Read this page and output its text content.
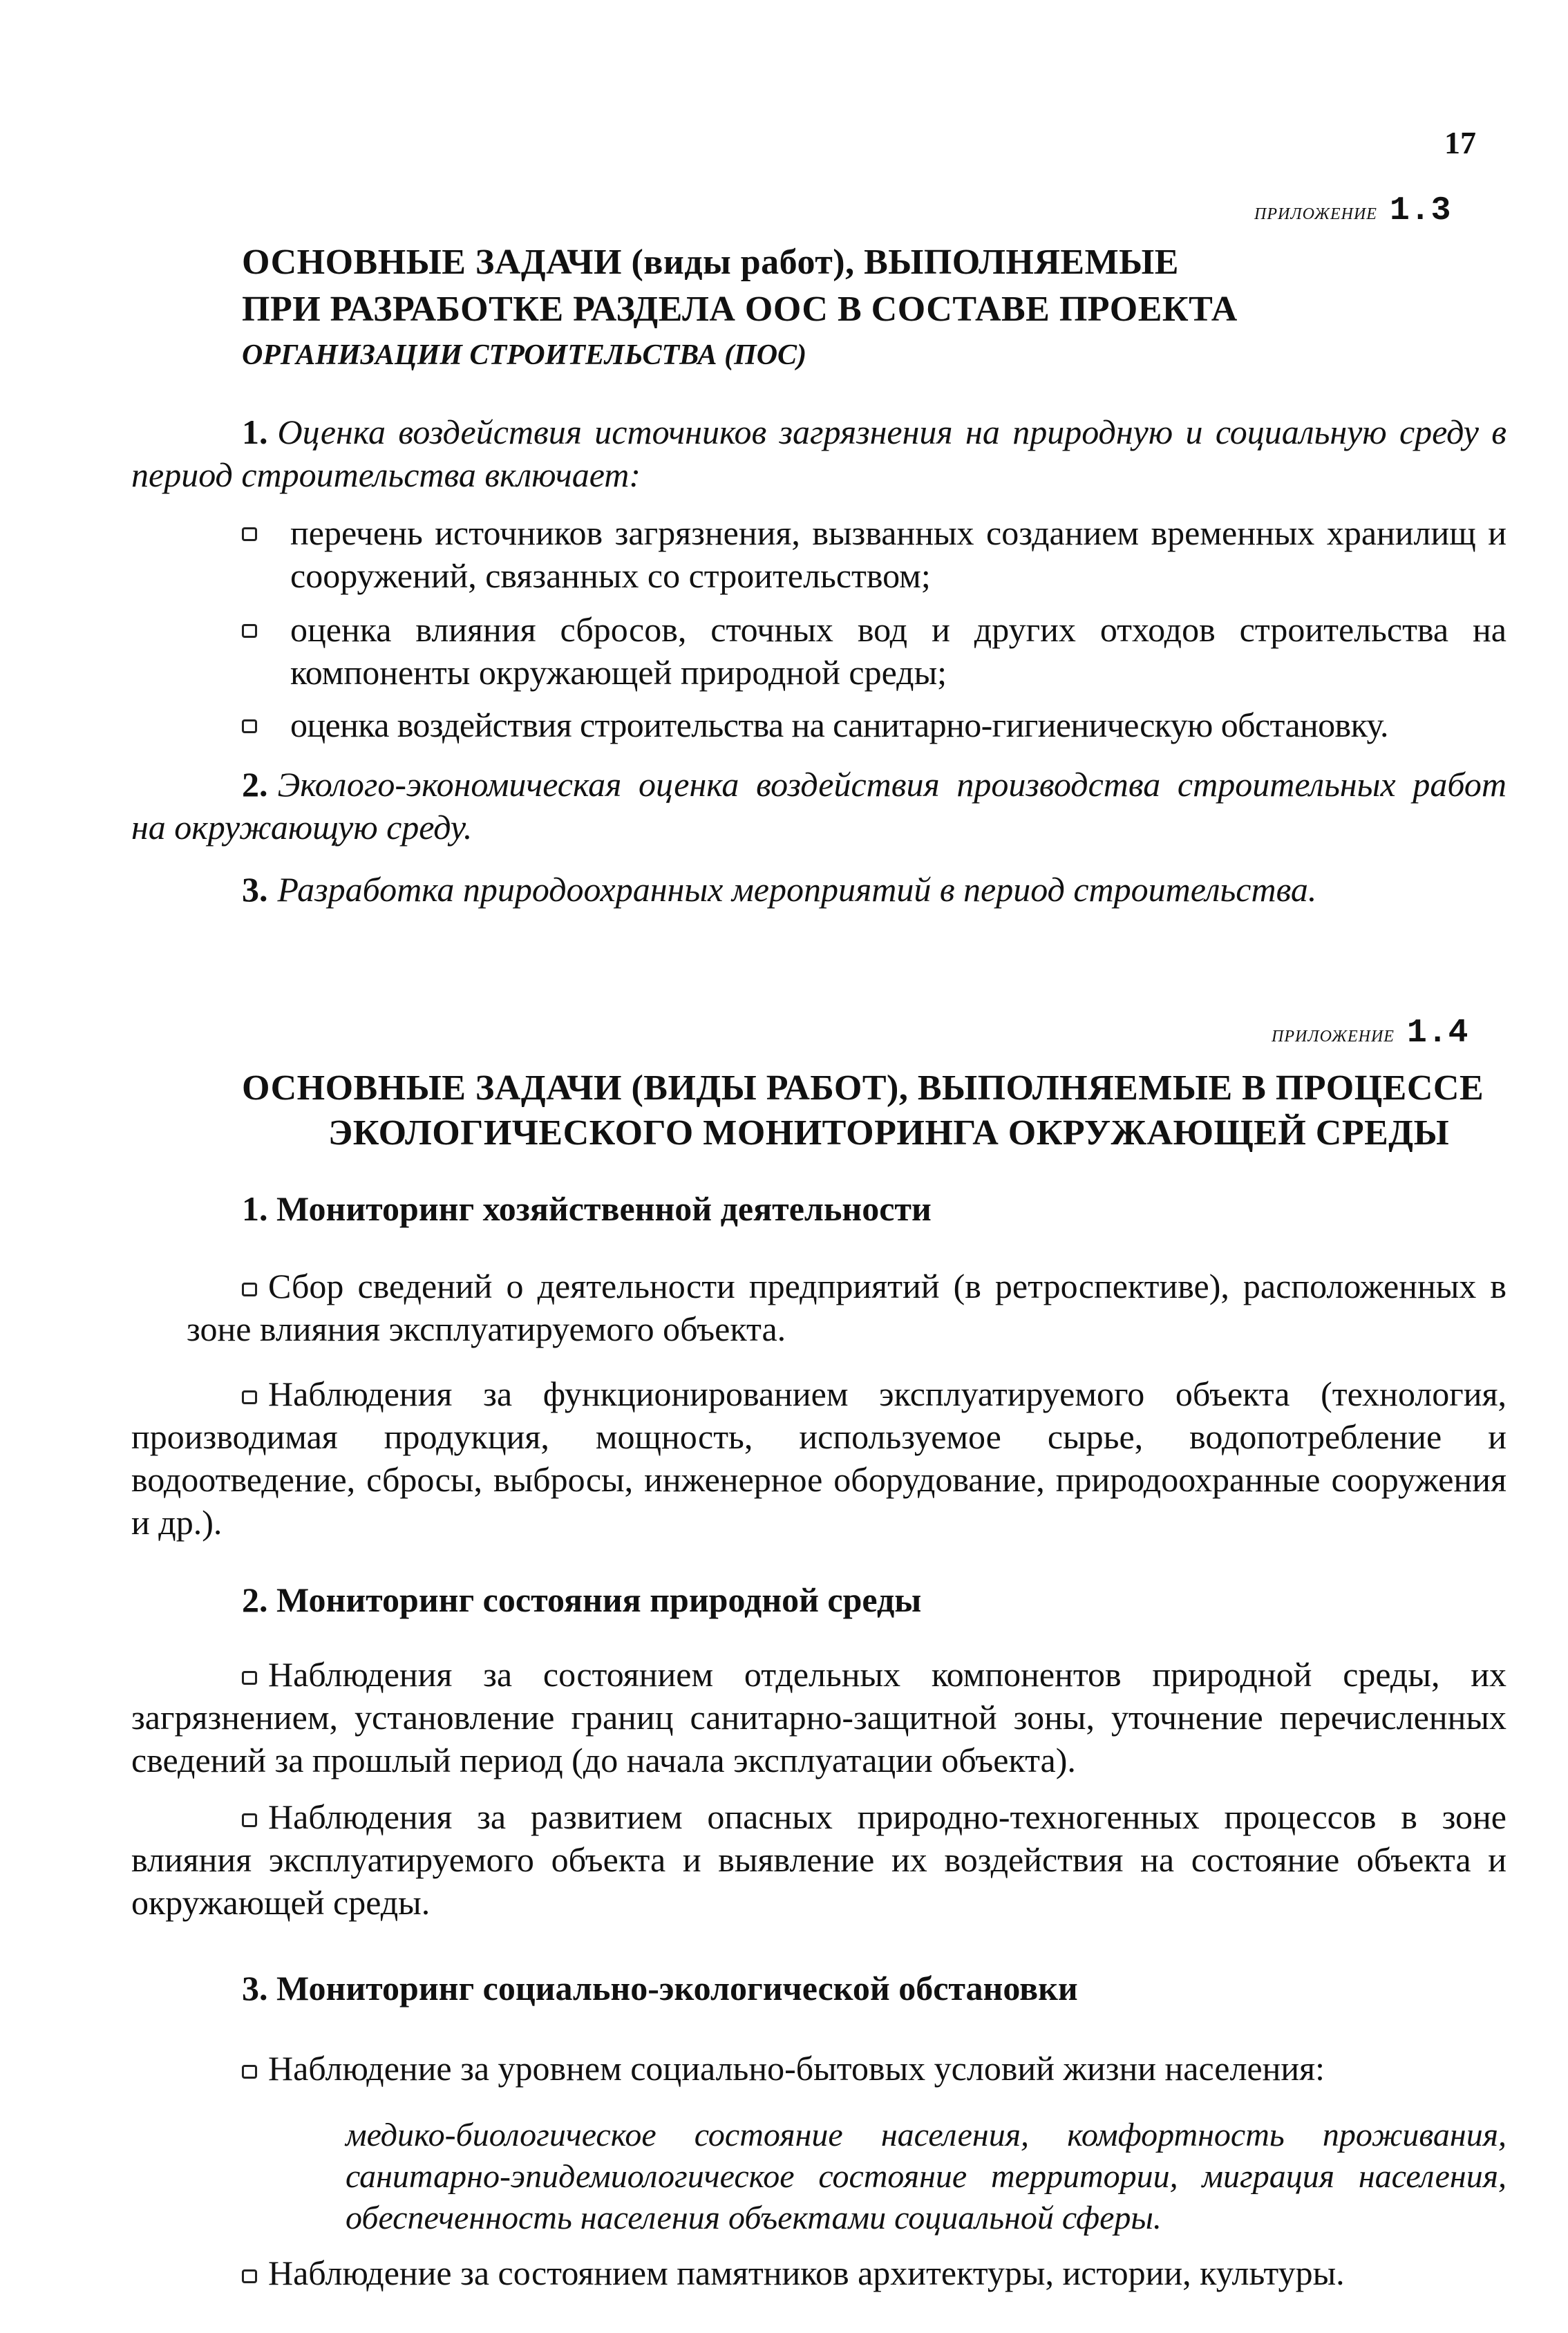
17
приложение 1.3
ОСНОВНЫЕ ЗАДАЧИ (виды работ), ВЫПОЛНЯЕМЫЕ
ПРИ РАЗРАБОТКЕ РАЗДЕЛА ООС В СОСТАВЕ ПРОЕКТА
ОРГАНИЗАЦИИ СТРОИТЕЛЬСТВА (ПОС)
1. Оценка воздействия источников загрязнения на природную и социальную среду в период строительства включает:
перечень источников загрязнения, вызванных созданием временных хранилищ и сооружений, связанных со строительством;
оценка влияния сбросов, сточных вод и других отходов строительства на компоненты окружающей природной среды;
оценка воздействия строительства на санитарно-гигиеническую обстановку.
2. Эколого-экономическая оценка воздействия производства строительных работ на окружающую среду.
3. Разработка природоохранных мероприятий в период строительства.
приложение 1.4
ОСНОВНЫЕ ЗАДАЧИ (ВИДЫ РАБОТ), ВЫПОЛНЯЕМЫЕ В ПРОЦЕССЕ
ЭКОЛОГИЧЕСКОГО МОНИТОРИНГА ОКРУЖАЮЩЕЙ СРЕДЫ
1. Мониторинг хозяйственной деятельности
Сбор сведений о деятельности предприятий (в ретроспективе), расположенных в зоне влияния эксплуатируемого объекта.
Наблюдения за функционированием эксплуатируемого объекта (технология, производимая продукция, мощность, используемое сырье, водопотребление и водоотведение, сбросы, выбросы, инженерное оборудование, природоохранные сооружения и др.).
2. Мониторинг состояния природной среды
Наблюдения за состоянием отдельных компонентов природной среды, их загрязнением, установление границ санитарно-защитной зоны, уточнение перечисленных сведений за прошлый период (до начала эксплуатации объекта).
Наблюдения за развитием опасных природно-техногенных процессов в зоне влияния эксплуатируемого объекта и выявление их воздействия на состояние объекта и окружающей среды.
3. Мониторинг социально-экологической обстановки
Наблюдение за уровнем социально-бытовых условий жизни населения:
медико-биологическое состояние населения, комфортность проживания, санитарно-эпидемиологическое состояние территории, миграция населения, обеспеченность населения объектами социальной сферы.
Наблюдение за состоянием памятников архитектуры, истории, культуры.
